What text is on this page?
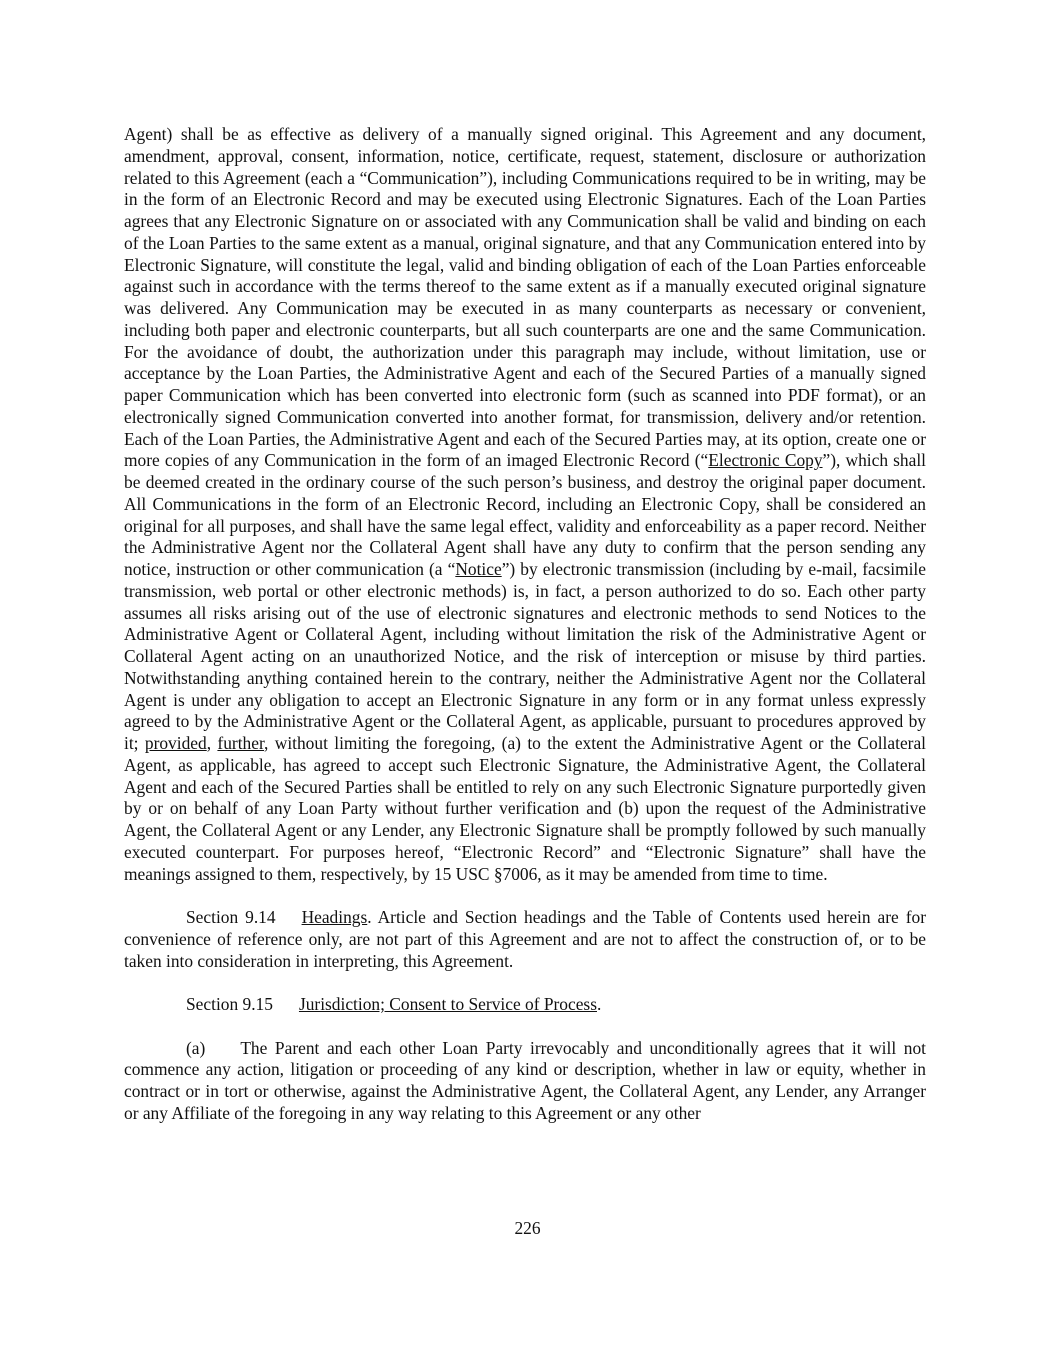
Agent) shall be as effective as delivery of a manually signed original. This Agreement and any document, amendment, approval, consent, information, notice, certificate, request, statement, disclosure or authorization related to this Agreement (each a “Communication”), including Communications required to be in writing, may be in the form of an Electronic Record and may be executed using Electronic Signatures. Each of the Loan Parties agrees that any Electronic Signature on or associated with any Communication shall be valid and binding on each of the Loan Parties to the same extent as a manual, original signature, and that any Communication entered into by Electronic Signature, will constitute the legal, valid and binding obligation of each of the Loan Parties enforceable against such in accordance with the terms thereof to the same extent as if a manually executed original signature was delivered. Any Communication may be executed in as many counterparts as necessary or convenient, including both paper and electronic counterparts, but all such counterparts are one and the same Communication. For the avoidance of doubt, the authorization under this paragraph may include, without limitation, use or acceptance by the Loan Parties, the Administrative Agent and each of the Secured Parties of a manually signed paper Communication which has been converted into electronic form (such as scanned into PDF format), or an electronically signed Communication converted into another format, for transmission, delivery and/or retention. Each of the Loan Parties, the Administrative Agent and each of the Secured Parties may, at its option, create one or more copies of any Communication in the form of an imaged Electronic Record (“Electronic Copy”), which shall be deemed created in the ordinary course of the such person’s business, and destroy the original paper document. All Communications in the form of an Electronic Record, including an Electronic Copy, shall be considered an original for all purposes, and shall have the same legal effect, validity and enforceability as a paper record. Neither the Administrative Agent nor the Collateral Agent shall have any duty to confirm that the person sending any notice, instruction or other communication (a “Notice”) by electronic transmission (including by e-mail, facsimile transmission, web portal or other electronic methods) is, in fact, a person authorized to do so. Each other party assumes all risks arising out of the use of electronic signatures and electronic methods to send Notices to the Administrative Agent or Collateral Agent, including without limitation the risk of the Administrative Agent or Collateral Agent acting on an unauthorized Notice, and the risk of interception or misuse by third parties. Notwithstanding anything contained herein to the contrary, neither the Administrative Agent nor the Collateral Agent is under any obligation to accept an Electronic Signature in any form or in any format unless expressly agreed to by the Administrative Agent or the Collateral Agent, as applicable, pursuant to procedures approved by it; provided, further, without limiting the foregoing, (a) to the extent the Administrative Agent or the Collateral Agent, as applicable, has agreed to accept such Electronic Signature, the Administrative Agent, the Collateral Agent and each of the Secured Parties shall be entitled to rely on any such Electronic Signature purportedly given by or on behalf of any Loan Party without further verification and (b) upon the request of the Administrative Agent, the Collateral Agent or any Lender, any Electronic Signature shall be promptly followed by such manually executed counterpart. For purposes hereof, “Electronic Record” and “Electronic Signature” shall have the meanings assigned to them, respectively, by 15 USC §7006, as it may be amended from time to time.

Section 9.14 Headings. Article and Section headings and the Table of Contents used herein are for convenience of reference only, are not part of this Agreement and are not to affect the construction of, or to be taken into consideration in interpreting, this Agreement.

Section 9.15 Jurisdiction; Consent to Service of Process.

(a) The Parent and each other Loan Party irrevocably and unconditionally agrees that it will not commence any action, litigation or proceeding of any kind or description, whether in law or equity, whether in contract or in tort or otherwise, against the Administrative Agent, the Collateral Agent, any Lender, any Arranger or any Affiliate of the foregoing in any way relating to this Agreement or any other

226
